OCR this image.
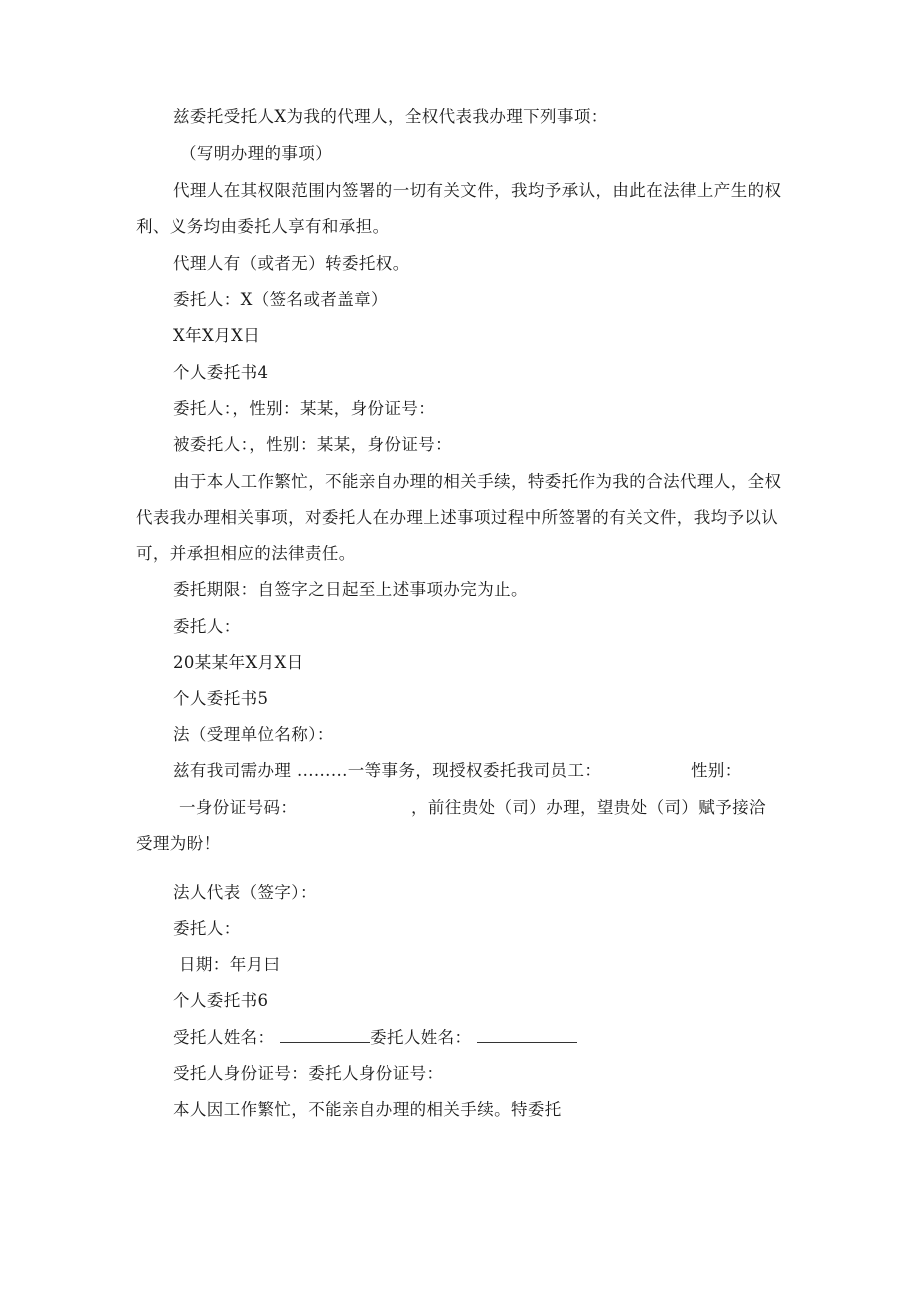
兹委托受托人X为我的代理人，全权代表我办理下列事项：
（写明办理的事项）
代理人在其权限范围内签署的一切有关文件，我均予承认，由此在法律上产生的权
利、义务均由委托人享有和承担。
代理人有（或者无）转委托权。
委托人：X（签名或者盖章）
X年X月X日
个人委托书4
委托人：，性别：某某，身份证号：
被委托人：，性别：某某，身份证号：
由于本人工作繁忙，不能亲自办理的相关手续，特委托作为我的合法代理人，全权
代表我办理相关事项，对委托人在办理上述事项过程中所签署的有关文件，我均予以认
可，并承担相应的法律责任。
委托期限：自签字之日起至上述事项办完为止。
委托人：
20某某年X月X日
个人委托书5
法（受理单位名称）：
兹有我司需办理 .........一等事务，现授权委托我司员工：	性别：
一身份证号码：	，前往贵处（司）办理，望贵处（司）赋予接洽
受理为盼！
法人代表（签字）：
委托人：
日期：年月曰
个人委托书6
受托人姓名：	委托人姓名：
受托人身份证号：委托人身份证号：
本人因工作繁忙，不能亲自办理的相关手续。特委托
